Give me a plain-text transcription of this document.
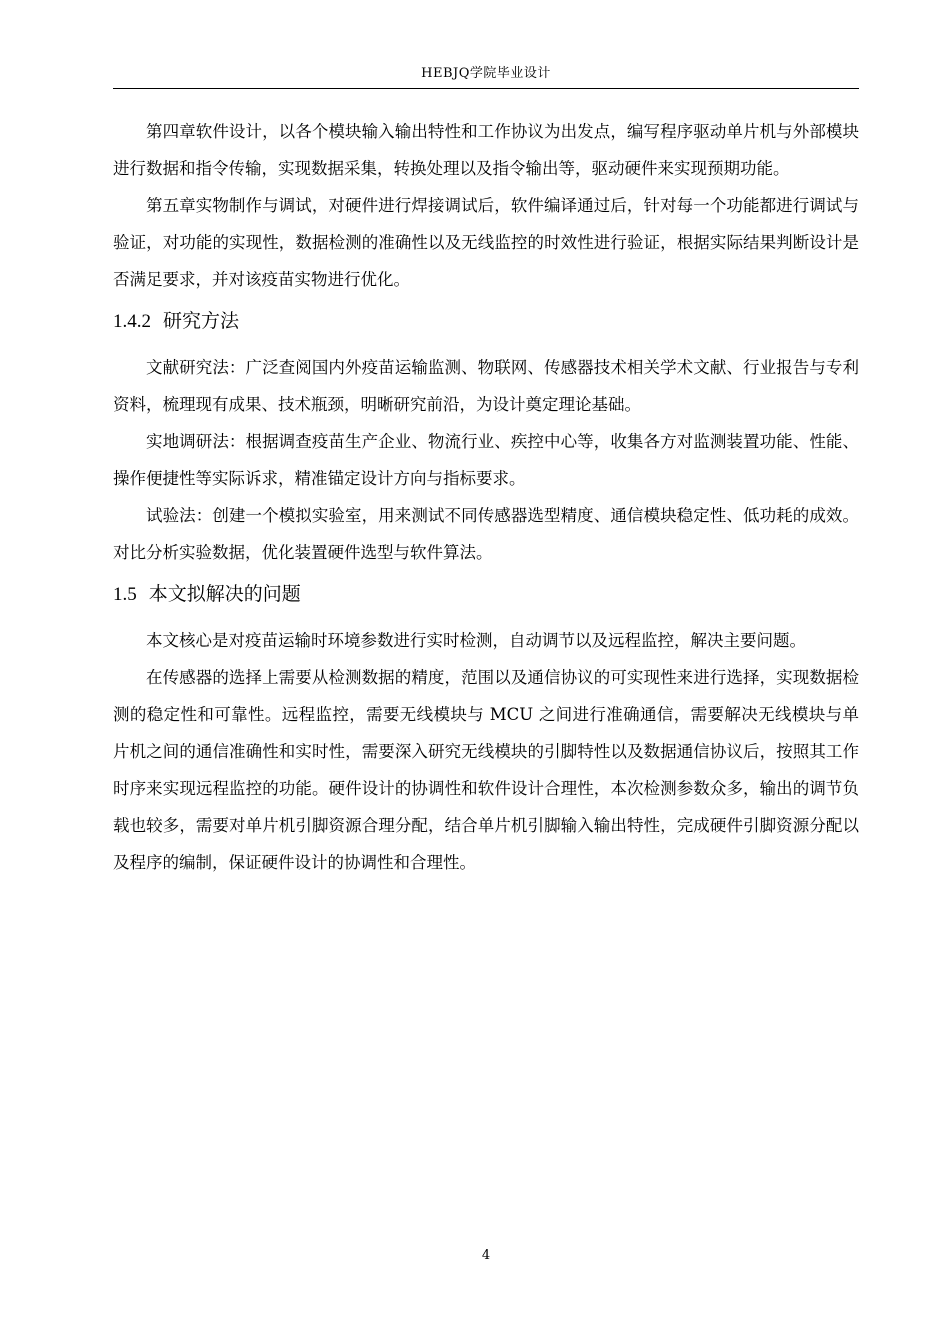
HEBJQ学院毕业设计

第四章软件设计，以各个模块输入输出特性和工作协议为出发点，编写程序驱动单片机与外部模块进行数据和指令传输，实现数据采集，转换处理以及指令输出等，驱动硬件来实现预期功能。

第五章实物制作与调试，对硬件进行焊接调试后，软件编译通过后，针对每一个功能都进行调试与验证，对功能的实现性，数据检测的准确性以及无线监控的时效性进行验证，根据实际结果判断设计是否满足要求，并对该疫苗实物进行优化。

1.4.2 研究方法

文献研究法：广泛查阅国内外疫苗运输监测、物联网、传感器技术相关学术文献、行业报告与专利资料，梳理现有成果、技术瓶颈，明晰研究前沿，为设计奠定理论基础。

实地调研法：根据调查疫苗生产企业、物流行业、疾控中心等，收集各方对监测装置功能、性能、操作便捷性等实际诉求，精准锚定设计方向与指标要求。

试验法：创建一个模拟实验室，用来测试不同传感器选型精度、通信模块稳定性、低功耗的成效。对比分析实验数据，优化装置硬件选型与软件算法。

1.5 本文拟解决的问题

本文核心是对疫苗运输时环境参数进行实时检测，自动调节以及远程监控，解决主要问题。

在传感器的选择上需要从检测数据的精度，范围以及通信协议的可实现性来进行选择，实现数据检测的稳定性和可靠性。远程监控，需要无线模块与 MCU 之间进行准确通信，需要解决无线模块与单片机之间的通信准确性和实时性，需要深入研究无线模块的引脚特性以及数据通信协议后，按照其工作时序来实现远程监控的功能。硬件设计的协调性和软件设计合理性，本次检测参数众多，输出的调节负载也较多，需要对单片机引脚资源合理分配，结合单片机引脚输入输出特性，完成硬件引脚资源分配以及程序的编制，保证硬件设计的协调性和合理性。

4
